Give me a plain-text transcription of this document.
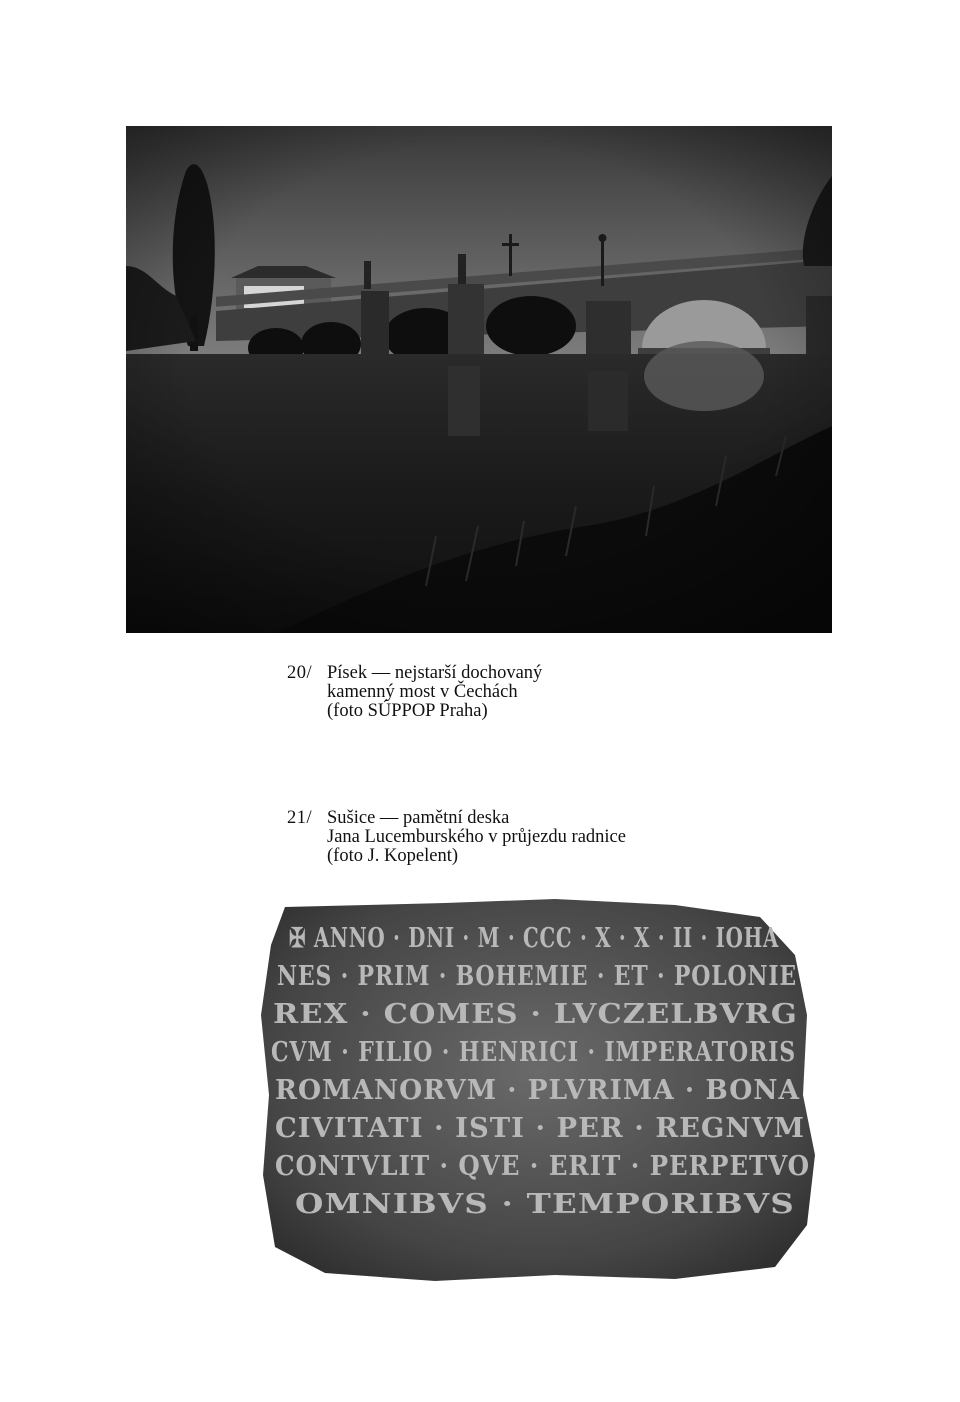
20/ Písek — nejstarší dochovaný
kamenný most v Čechách
(foto SÚPPOP Praha)
21/ Sušice — pamětní deska
Jana Lucemburského v průjezdu radnice
(foto J. Kopelent)
✠ ANNO · DNI · M · CCC · X · X · II · IOHA
NES · PRIM · BOHEMIE · ET · POLONIE
REX · COMES · LVCZELBVRG
CVM · FILIO · HENRICI · IMPERATORIS
ROMANORVM · PLVRIMA · BONA
CIVITATI · ISTI · PER · REGNVM
CONTVLIT · QVE · ERIT · PERPETVO
OMNIBVS · TEMPORIBVS
